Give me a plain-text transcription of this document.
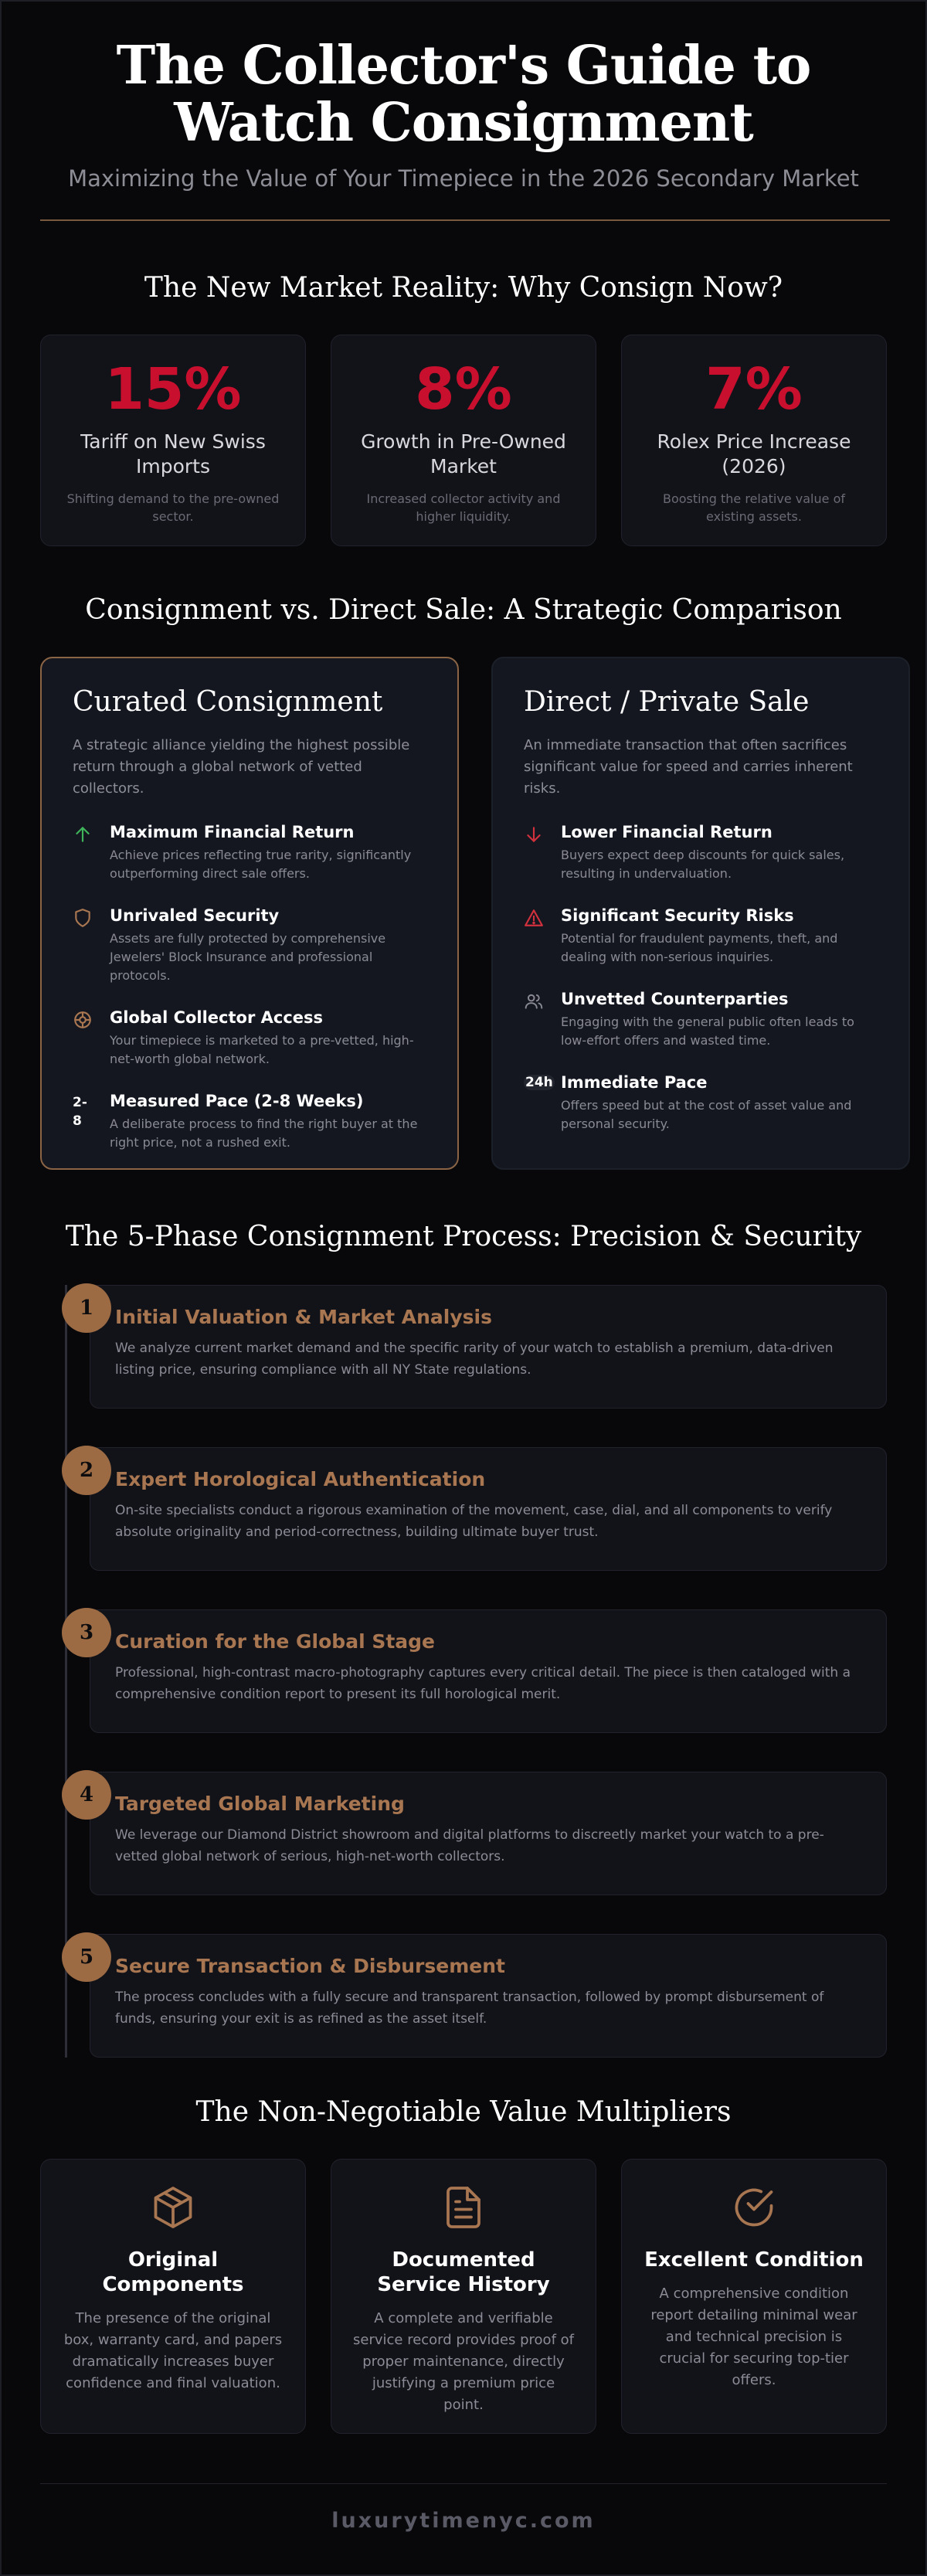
The Collector's Guide to Watch Consignment
Maximizing the Value of Your Timepiece in the 2026 Secondary Market
The New Market Reality: Why Consign Now?
15%
Tariff on New Swiss Imports
Shifting demand to the pre-owned sector.
8%
Growth in Pre-Owned Market
Increased collector activity and higher liquidity.
7%
Rolex Price Increase (2026)
Boosting the relative value of existing assets.
Consignment vs. Direct Sale: A Strategic Comparison
Curated Consignment
A strategic alliance yielding the highest possible return through a global network of vetted collectors.
Maximum Financial Return
Achieve prices reflecting true rarity, significantly outperforming direct sale offers.
Unrivaled Security
Assets are fully protected by comprehensive Jewelers' Block Insurance and professional protocols.
Global Collector Access
Your timepiece is marketed to a pre-vetted, high-net-worth global network.
2-8
Measured Pace (2-8 Weeks)
A deliberate process to find the right buyer at the right price, not a rushed exit.
Direct / Private Sale
An immediate transaction that often sacrifices significant value for speed and carries inherent risks.
Lower Financial Return
Buyers expect deep discounts for quick sales, resulting in undervaluation.
Significant Security Risks
Potential for fraudulent payments, theft, and dealing with non-serious inquiries.
Unvetted Counterparties
Engaging with the general public often leads to low-effort offers and wasted time.
24h Immediate Pace
Offers speed but at the cost of asset value and personal security.
The 5-Phase Consignment Process: Precision & Security
1	Initial Valuation & Market Analysis
We analyze current market demand and the specific rarity of your watch to establish a premium, data-driven listing price, ensuring compliance with all NY State regulations.
2	Expert Horological Authentication
On-site specialists conduct a rigorous examination of the movement, case, dial, and all components to verify absolute originality and period-correctness, building ultimate buyer trust.
3	Curation for the Global Stage
Professional, high-contrast macro-photography captures every critical detail. The piece is then cataloged with a comprehensive condition report to present its full horological merit.
4	Targeted Global Marketing
We leverage our Diamond District showroom and digital platforms to discreetly market your watch to a pre-vetted global network of serious, high-net-worth collectors.
5	Secure Transaction & Disbursement
The process concludes with a fully secure and transparent transaction, followed by prompt disbursement of funds, ensuring your exit is as refined as the asset itself.
The Non-Negotiable Value Multipliers
Original Components
The presence of the original box, warranty card, and papers dramatically increases buyer confidence and final valuation.
Documented Service History
A complete and verifiable service record provides proof of proper maintenance, directly justifying a premium price point.
Excellent Condition
A comprehensive condition report detailing minimal wear and technical precision is crucial for securing top-tier offers.
luxurytimenyc.com
